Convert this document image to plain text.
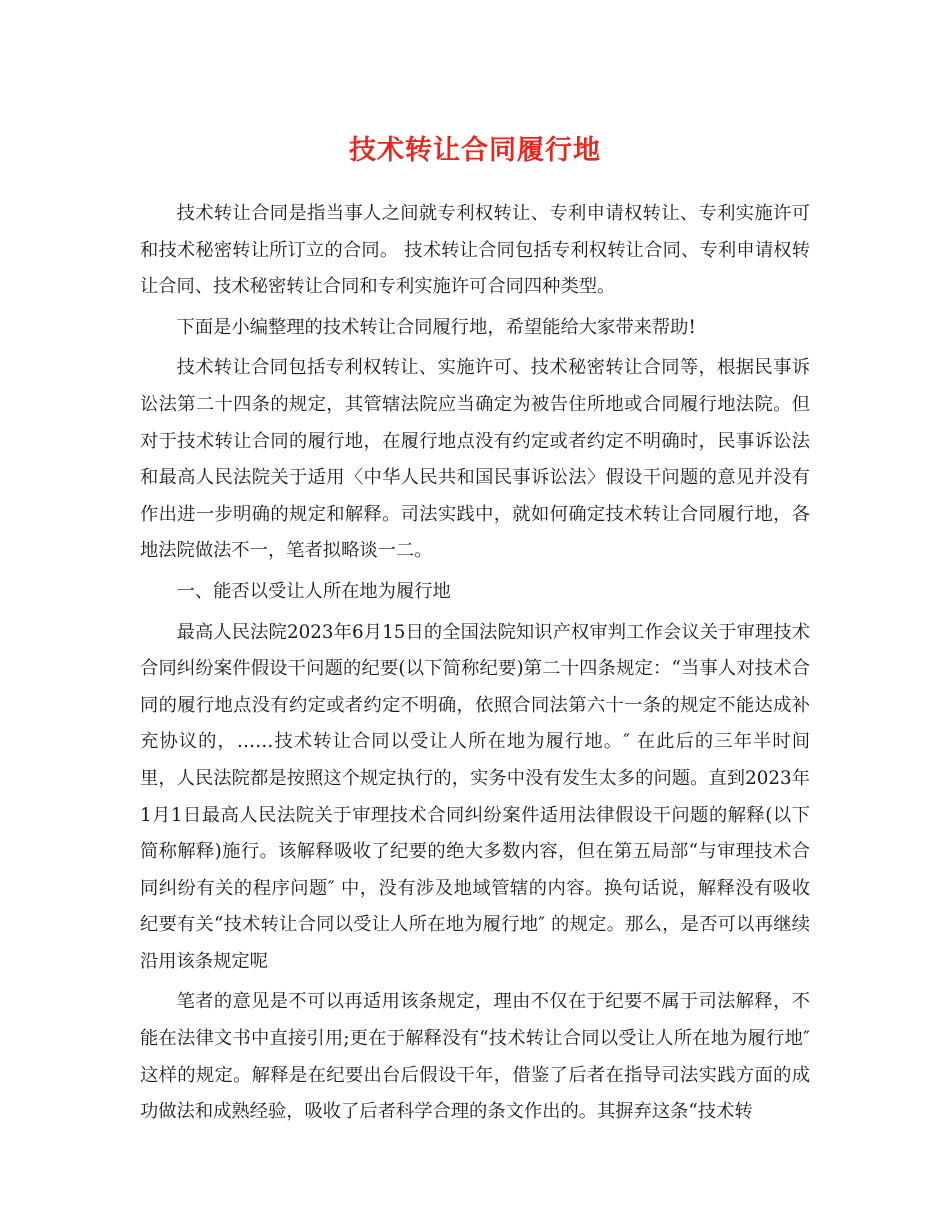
技术转让合同履行地

技术转让合同是指当事人之间就专利权转让、专利申请权转让、专利实施许可和技术秘密转让所订立的合同。 技术转让合同包括专利权转让合同、专利申请权转让合同、技术秘密转让合同和专利实施许可合同四种类型。

下面是小编整理的技术转让合同履行地，希望能给大家带来帮助!

技术转让合同包括专利权转让、实施许可、技术秘密转让合同等，根据民事诉讼法第二十四条的规定，其管辖法院应当确定为被告住所地或合同履行地法院。但对于技术转让合同的履行地，在履行地点没有约定或者约定不明确时，民事诉讼法和最高人民法院关于适用〈中华人民共和国民事诉讼法〉假设干问题的意见并没有作出进一步明确的规定和解释。司法实践中，就如何确定技术转让合同履行地，各地法院做法不一，笔者拟略谈一二。

一、能否以受让人所在地为履行地

最高人民法院2023年6月15日的全国法院知识产权审判工作会议关于审理技术合同纠纷案件假设干问题的纪要(以下简称纪要)第二十四条规定：“当事人对技术合同的履行地点没有约定或者约定不明确，依照合同法第六十一条的规定不能达成补充协议的，……技术转让合同以受让人所在地为履行地。″ 在此后的三年半时间里，人民法院都是按照这个规定执行的，实务中没有发生太多的问题。直到2023年1月1日最高人民法院关于审理技术合同纠纷案件适用法律假设干问题的解释(以下简称解释)施行。该解释吸收了纪要的绝大多数内容，但在第五局部“与审理技术合同纠纷有关的程序问题″ 中，没有涉及地域管辖的内容。换句话说，解释没有吸收纪要有关“技术转让合同以受让人所在地为履行地″ 的规定。那么，是否可以再继续沿用该条规定呢

笔者的意见是不可以再适用该条规定，理由不仅在于纪要不属于司法解释，不能在法律文书中直接引用;更在于解释没有“技术转让合同以受让人所在地为履行地″ 这样的规定。解释是在纪要出台后假设干年，借鉴了后者在指导司法实践方面的成功做法和成熟经验，吸收了后者科学合理的条文作出的。其摒弃这条“技术转
